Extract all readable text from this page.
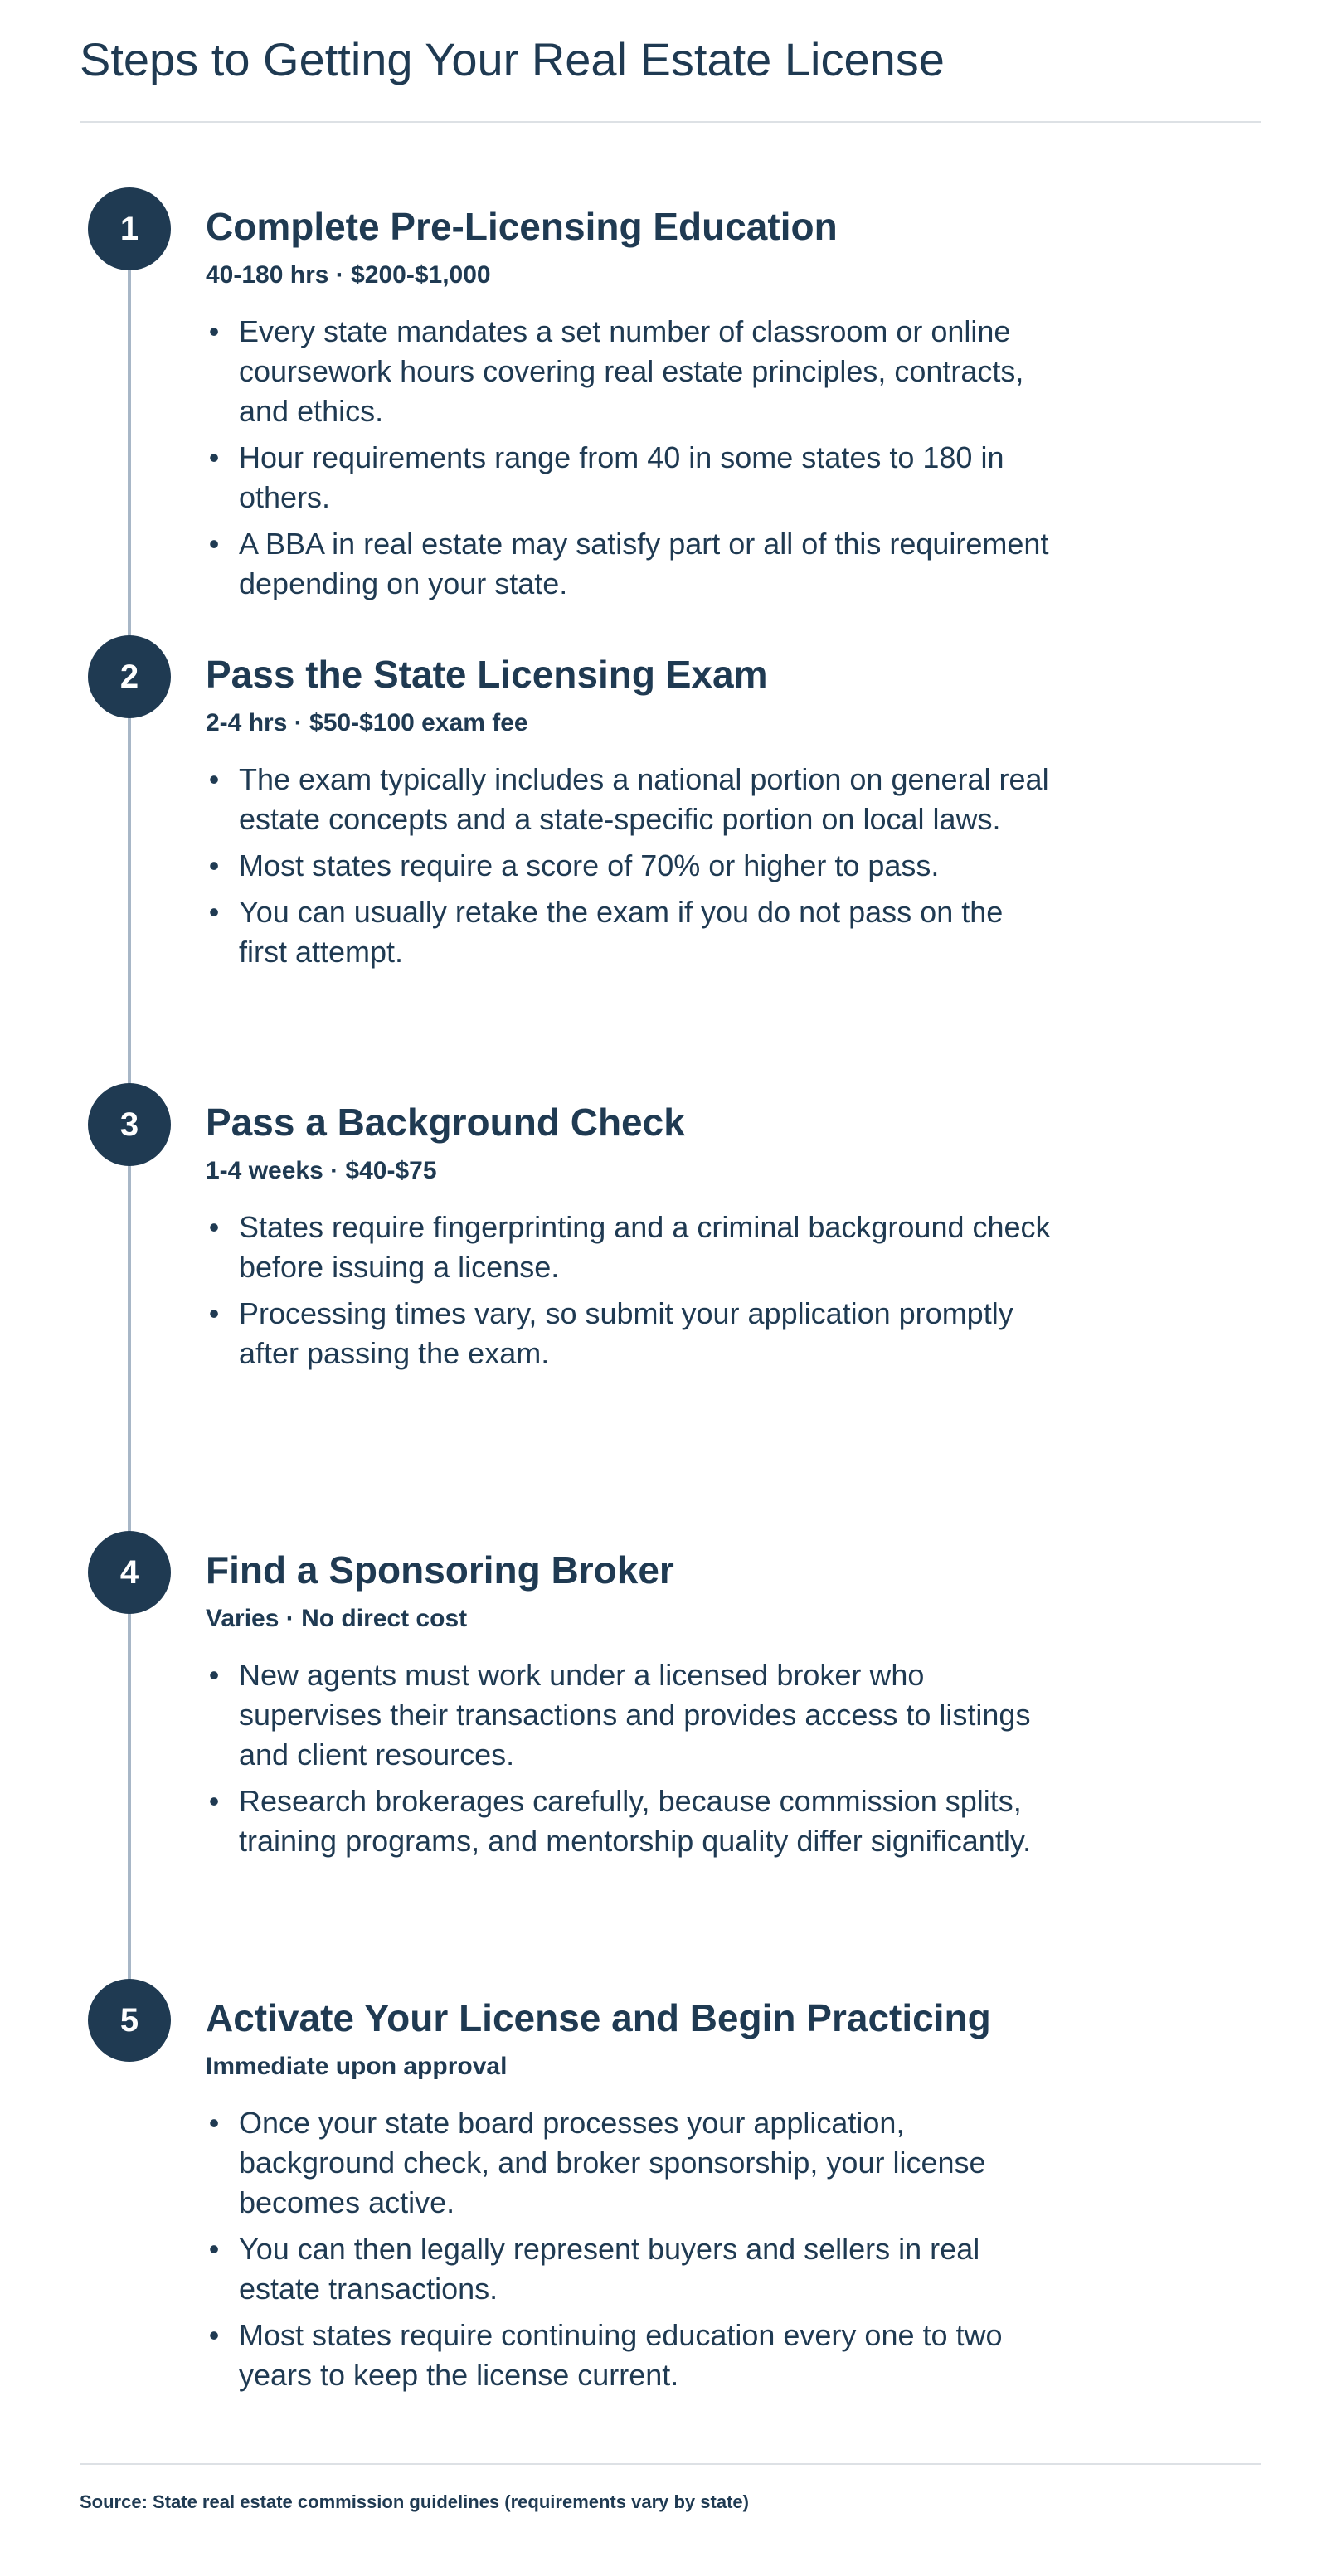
Steps to Getting Your Real Estate License
1	Complete Pre-Licensing Education
40-180 hrs · $200-$1,000
• Every state mandates a set number of classroom or online coursework hours covering real estate principles, contracts, and ethics.
• Hour requirements range from 40 in some states to 180 in others.
• A BBA in real estate may satisfy part or all of this requirement depending on your state.
2	Pass the State Licensing Exam
2-4 hrs · $50-$100 exam fee
• The exam typically includes a national portion on general real estate concepts and a state-specific portion on local laws.
• Most states require a score of 70% or higher to pass.
• You can usually retake the exam if you do not pass on the first attempt.
3	Pass a Background Check
1-4 weeks · $40-$75
• States require fingerprinting and a criminal background check before issuing a license.
• Processing times vary, so submit your application promptly after passing the exam.
4	Find a Sponsoring Broker
Varies · No direct cost
• New agents must work under a licensed broker who supervises their transactions and provides access to listings and client resources.
• Research brokerages carefully, because commission splits, training programs, and mentorship quality differ significantly.
5	Activate Your License and Begin Practicing
Immediate upon approval
• Once your state board processes your application, background check, and broker sponsorship, your license becomes active.
• You can then legally represent buyers and sellers in real estate transactions.
• Most states require continuing education every one to two years to keep the license current.
Source: State real estate commission guidelines (requirements vary by state)
